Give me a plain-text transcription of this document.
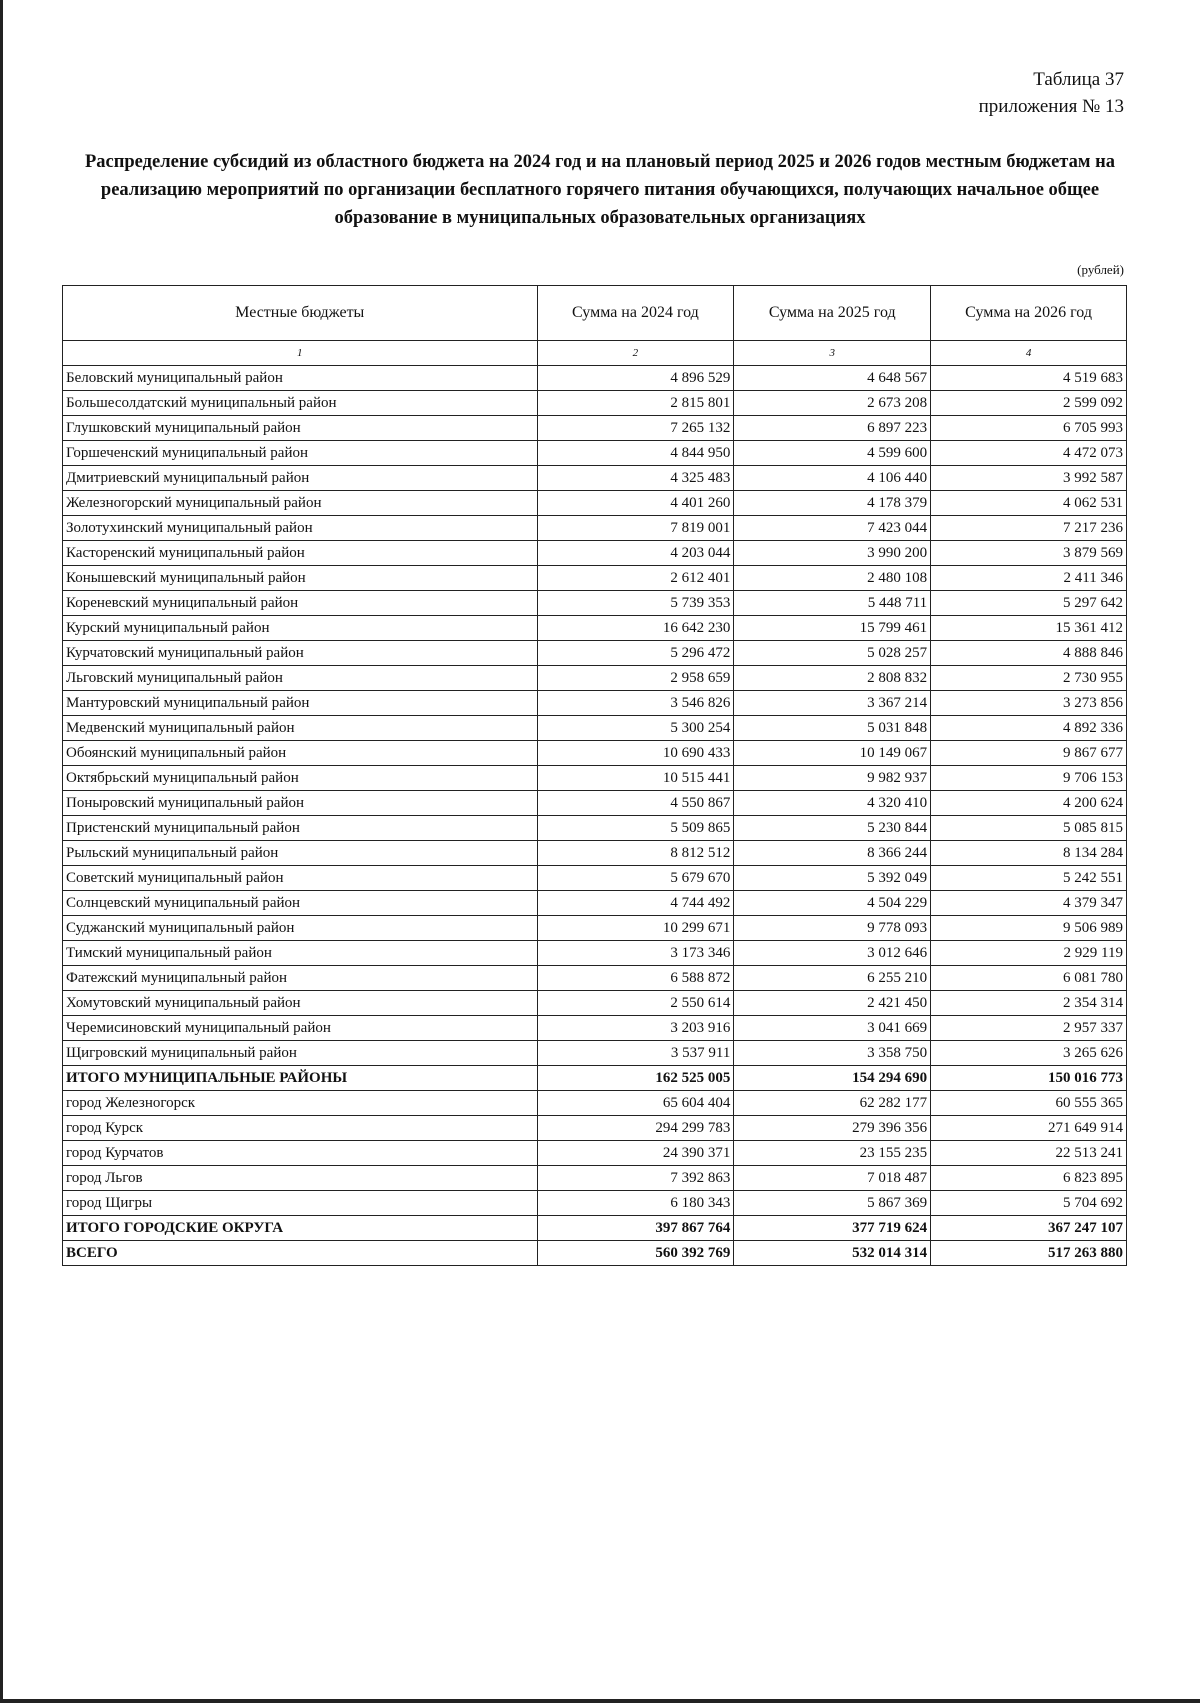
Таблица 37
приложения № 13
Распределение субсидий из областного бюджета на 2024 год и на плановый период 2025 и 2026 годов местным бюджетам на реализацию мероприятий по организации бесплатного горячего питания обучающихся, получающих начальное общее образование в муниципальных образовательных организациях
(рублей)
Местные бюджеты	Сумма на 2024 год	Сумма на 2025 год	Сумма на 2026 год
1	2	3	4
Беловский муниципальный район	4 896 529	4 648 567	4 519 683
Большесолдатский муниципальный район	2 815 801	2 673 208	2 599 092
Глушковский муниципальный район	7 265 132	6 897 223	6 705 993
Горшеченский муниципальный район	4 844 950	4 599 600	4 472 073
Дмитриевский муниципальный район	4 325 483	4 106 440	3 992 587
Железногорский муниципальный район	4 401 260	4 178 379	4 062 531
Золотухинский муниципальный район	7 819 001	7 423 044	7 217 236
Касторенский муниципальный район	4 203 044	3 990 200	3 879 569
Конышевский муниципальный район	2 612 401	2 480 108	2 411 346
Кореневский муниципальный район	5 739 353	5 448 711	5 297 642
Курский муниципальный район	16 642 230	15 799 461	15 361 412
Курчатовский муниципальный район	5 296 472	5 028 257	4 888 846
Льговский муниципальный район	2 958 659	2 808 832	2 730 955
Мантуровский муниципальный район	3 546 826	3 367 214	3 273 856
Медвенский муниципальный район	5 300 254	5 031 848	4 892 336
Обоянский муниципальный район	10 690 433	10 149 067	9 867 677
Октябрьский муниципальный район	10 515 441	9 982 937	9 706 153
Поныровский муниципальный район	4 550 867	4 320 410	4 200 624
Пристенский муниципальный район	5 509 865	5 230 844	5 085 815
Рыльский муниципальный район	8 812 512	8 366 244	8 134 284
Советский муниципальный район	5 679 670	5 392 049	5 242 551
Солнцевский муниципальный район	4 744 492	4 504 229	4 379 347
Суджанский муниципальный район	10 299 671	9 778 093	9 506 989
Тимский муниципальный район	3 173 346	3 012 646	2 929 119
Фатежский муниципальный район	6 588 872	6 255 210	6 081 780
Хомутовский муниципальный район	2 550 614	2 421 450	2 354 314
Черемисиновский муниципальный район	3 203 916	3 041 669	2 957 337
Щигровский муниципальный район	3 537 911	3 358 750	3 265 626
ИТОГО МУНИЦИПАЛЬНЫЕ РАЙОНЫ	162 525 005	154 294 690	150 016 773
город Железногорск	65 604 404	62 282 177	60 555 365
город Курск	294 299 783	279 396 356	271 649 914
город Курчатов	24 390 371	23 155 235	22 513 241
город Льгов	7 392 863	7 018 487	6 823 895
город Щигры	6 180 343	5 867 369	5 704 692
ИТОГО ГОРОДСКИЕ ОКРУГА	397 867 764	377 719 624	367 247 107
ВСЕГО	560 392 769	532 014 314	517 263 880
